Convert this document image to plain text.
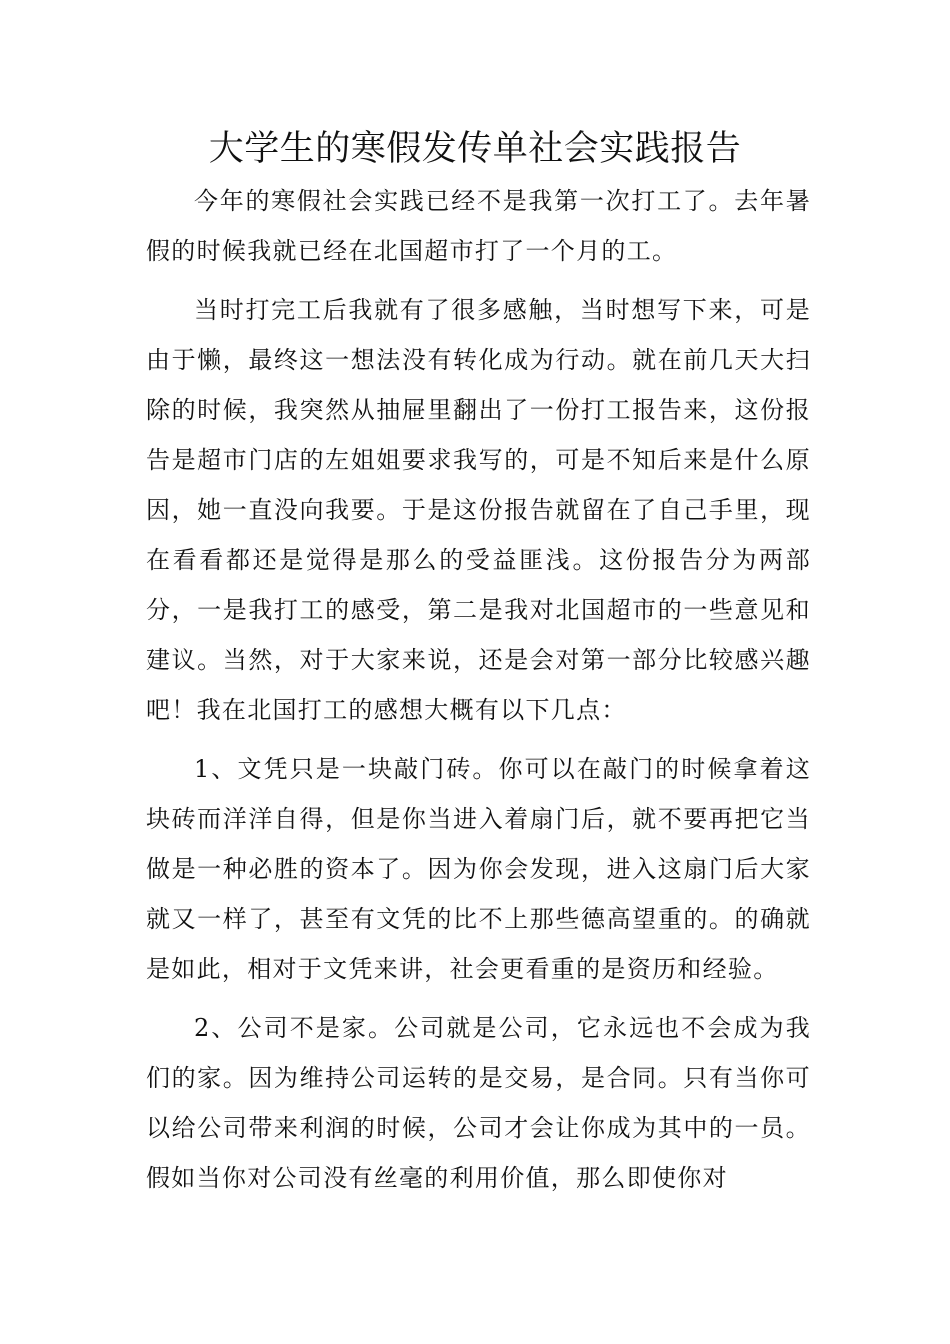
大学生的寒假发传单社会实践报告

今年的寒假社会实践已经不是我第一次打工了。去年暑假的时候我就已经在北国超市打了一个月的工。

当时打完工后我就有了很多感触，当时想写下来，可是由于懒，最终这一想法没有转化成为行动。就在前几天大扫除的时候，我突然从抽屉里翻出了一份打工报告来，这份报告是超市门店的左姐姐要求我写的，可是不知后来是什么原因，她一直没向我要。于是这份报告就留在了自己手里，现在看看都还是觉得是那么的受益匪浅。这份报告分为两部分，一是我打工的感受，第二是我对北国超市的一些意见和建议。当然，对于大家来说，还是会对第一部分比较感兴趣吧！我在北国打工的感想大概有以下几点：

1、文凭只是一块敲门砖。你可以在敲门的时候拿着这块砖而洋洋自得，但是你当进入着扇门后，就不要再把它当做是一种必胜的资本了。因为你会发现，进入这扇门后大家就又一样了，甚至有文凭的比不上那些德高望重的。的确就是如此，相对于文凭来讲，社会更看重的是资历和经验。

2、公司不是家。公司就是公司，它永远也不会成为我们的家。因为维持公司运转的是交易，是合同。只有当你可以给公司带来利润的时候，公司才会让你成为其中的一员。假如当你对公司没有丝毫的利用价值，那么即使你对
